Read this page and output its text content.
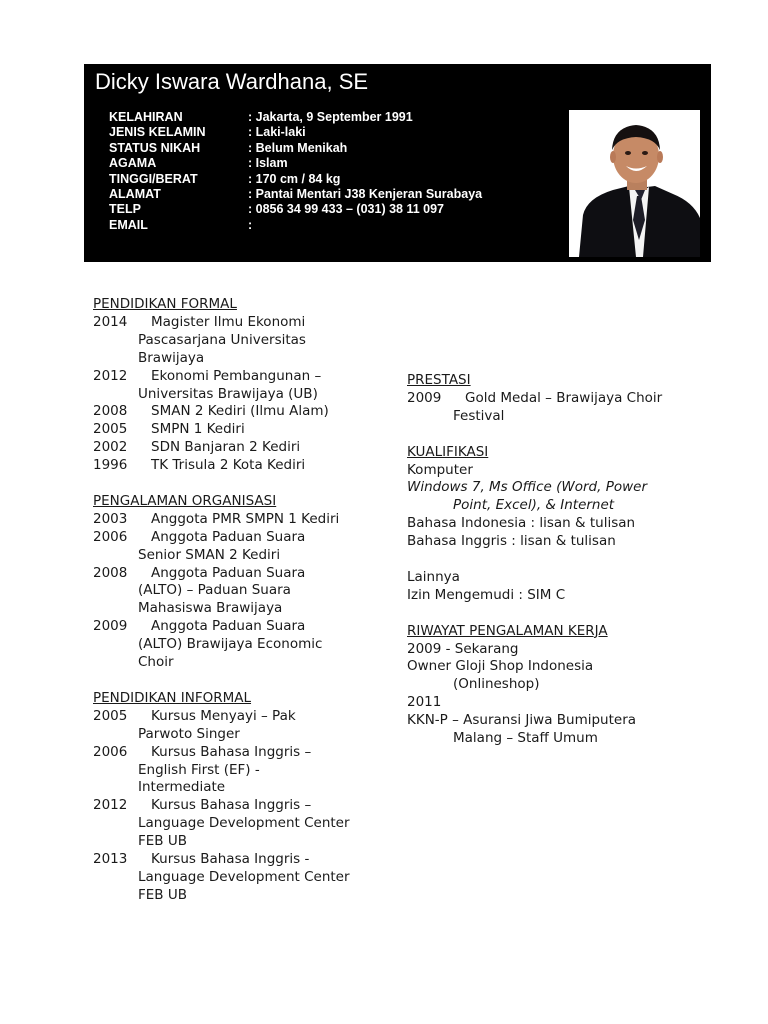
Dicky Iswara Wardhana, SE
KELAHIRAN	: Jakarta, 9 September 1991
JENIS KELAMIN	: Laki-laki
STATUS NIKAH	: Belum Menikah
AGAMA	: Islam
TINGGI/BERAT	: 170 cm / 84 kg
ALAMAT	: Pantai Mentari J38 Kenjeran Surabaya
TELP	: 0856 34 99 433 – (031) 38 11 097
EMAIL	:
PENDIDIKAN FORMAL
2014 Magister Ilmu Ekonomi
Pascasarjana Universitas
Brawijaya
2012 Ekonomi Pembangunan –
Universitas Brawijaya (UB)
2008 SMAN 2 Kediri (Ilmu Alam)
2005 SMPN 1 Kediri
2002 SDN Banjaran 2 Kediri
1996 TK Trisula 2 Kota Kediri
PENGALAMAN ORGANISASI
2003 Anggota PMR SMPN 1 Kediri
2006 Anggota Paduan Suara
Senior SMAN 2 Kediri
2008 Anggota Paduan Suara
(ALTO) – Paduan Suara
Mahasiswa Brawijaya
2009 Anggota Paduan Suara
(ALTO) Brawijaya Economic
Choir
PENDIDIKAN INFORMAL
2005 Kursus Menyayi – Pak
Parwoto Singer
2006 Kursus Bahasa Inggris –
English First (EF) -
Intermediate
2012 Kursus Bahasa Inggris –
Language Development Center
FEB UB
2013 Kursus Bahasa Inggris -
Language Development Center
FEB UB
PRESTASI
2009 Gold Medal – Brawijaya Choir
Festival
KUALIFIKASI
Komputer
Windows 7, Ms Office (Word, Power
Point, Excel), & Internet
Bahasa Indonesia : lisan & tulisan
Bahasa Inggris : lisan & tulisan
Lainnya
Izin Mengemudi : SIM C
RIWAYAT PENGALAMAN KERJA
2009 - Sekarang
Owner Gloji Shop Indonesia
(Onlineshop)
2011
KKN-P – Asuransi Jiwa Bumiputera
Malang – Staff Umum
